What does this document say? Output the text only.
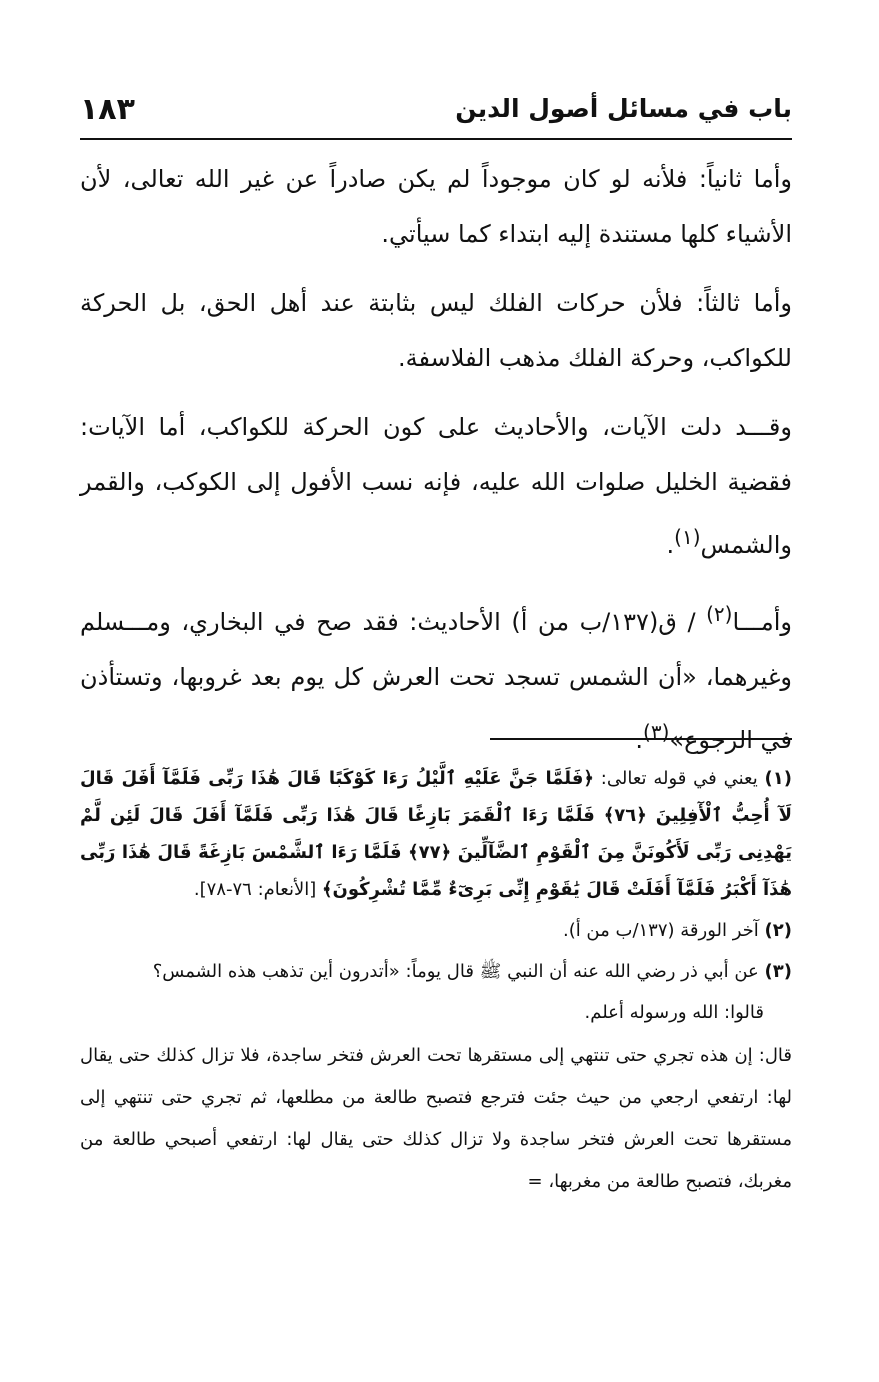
باب في مسائل أصول الدين
١٨٣

وأما ثانياً: فلأنه لو كان موجوداً لم يكن صادراً عن غير الله تعالى، لأن الأشياء كلها مستندة إليه ابتداء كما سيأتي.

وأما ثالثاً: فلأن حركات الفلك ليس بثابتة عند أهل الحق، بل الحركة للكواكب، وحركة الفلك مذهب الفلاسفة.

وقـــد دلت الآيات، والأحاديث على كون الحركة للكواكب، أما الآيات: فقضية الخليل صلوات الله عليه، فإنه نسب الأفول إلى الكوكب، والقمر والشمس$^{(١)}$.

وأمـــا$^{(٢)}$ / ق(١٣٧/ب من أ) الأحاديث: فقد صح في البخاري، ومـــسلم وغيرهما، «أن الشمس تسجد تحت العرش كل يوم بعد غروبها، وتستأذن في الرجوع»$^{(٣)}$.

(١) يعني في قوله تعالى: ﴿فَلَمَّا جَنَّ عَلَيْهِ ٱلَّيْلُ رَءَا كَوْكَبًا قَالَ هَٰذَا رَبِّى فَلَمَّآ أَفَلَ قَالَ لَآ أُحِبُّ ٱلْأٓفِلِينَ ﴿٧٦﴾ فَلَمَّا رَءَا ٱلْقَمَرَ بَازِغًا قَالَ هَٰذَا رَبِّى فَلَمَّآ أَفَلَ قَالَ لَئِن لَّمْ يَهْدِنِى رَبِّى لَأَكُونَنَّ مِنَ ٱلْقَوْمِ ٱلضَّآلِّينَ ﴿٧٧﴾ فَلَمَّا رَءَا ٱلشَّمْسَ بَازِغَةً قَالَ هَٰذَا رَبِّى هَٰذَآ أَكْبَرُ فَلَمَّآ أَفَلَتْ قَالَ يَٰقَوْمِ إِنِّى بَرِىٓءٌ مِّمَّا تُشْرِكُونَ﴾ [الأنعام: ٧٦-٧٨].

(٢) آخر الورقة (١٣٧/ب من أ).

(٣) عن أبي ذر رضي الله عنه أن النبي ﷺ قال يوماً: «أتدرون أين تذهب هذه الشمس؟

قالوا: الله ورسوله أعلم.

قال: إن هذه تجري حتى تنتهي إلى مستقرها تحت العرش فتخر ساجدة، فلا تزال كذلك حتى يقال لها: ارتفعي ارجعي من حيث جئت فترجع فتصبح طالعة من مطلعها، ثم تجري حتى تنتهي إلى مستقرها تحت العرش فتخر ساجدة ولا تزال كذلك حتى يقال لها: ارتفعي أصبحي طالعة من مغربك، فتصبح طالعة من مغربها، =
